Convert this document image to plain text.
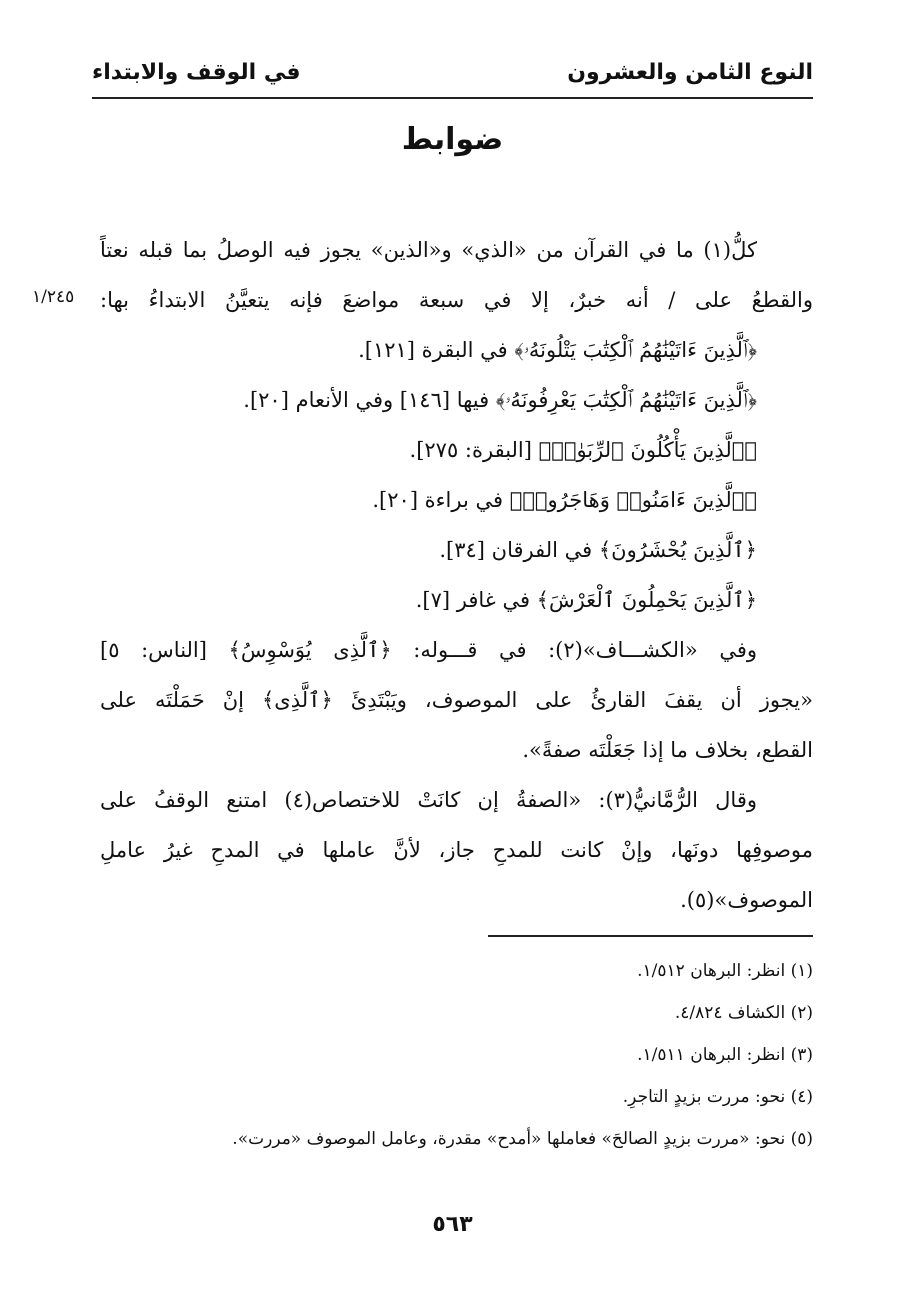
النوع الثامن والعشرون
في الوقف والابتداء
ضوابط
١/٢٤٥
كلُّ(١) ما في القرآن من «الذي» و«الذين» يجوز فيه الوصلُ بما قبله نعتاً
والقطعُ على / أنه خبرٌ، إلا في سبعة مواضعَ فإنه يتعيَّنُ الابتداءُ بها:
﴿ٱلَّذِينَ ءَاتَيْنَٰهُمُ ٱلْكِتَٰبَ يَتْلُونَهُۥ﴾ في البقرة [١٢١].
﴿ٱلَّذِينَ ءَاتَيْنَٰهُمُ ٱلْكِتَٰبَ يَعْرِفُونَهُۥ﴾ فيها [١٤٦] وفي الأنعام [٢٠].
﴿ٱلَّذِينَ يَأْكُلُونَ ٱلرِّبَوٰا۟﴾ [البقرة: ٢٧٥].
﴿ٱلَّذِينَ ءَامَنُوا۟ وَهَاجَرُوا۟﴾ في براءة [٢٠].
﴿ٱلَّذِينَ يُحْشَرُونَ﴾ في الفرقان [٣٤].
﴿ٱلَّذِينَ يَحْمِلُونَ ٱلْعَرْشَ﴾ في غافر [٧].
وفي «الكشـــاف»(٢): في قـــوله: ﴿ٱلَّذِى يُوَسْوِسُ﴾ [الناس: ٥]
«يجوز أن يقفَ القارئُ على الموصوف، ويَبْتَدِئَ ﴿ٱلَّذِى﴾ إنْ حَمَلْتَه على
القطع، بخلاف ما إذا جَعَلْتَه صفةً».
وقال الرُّمَّانيُّ(٣): «الصفةُ إن كانَتْ للاختصاص(٤) امتنع الوقفُ على
موصوفِها دونَها، وإنْ كانت للمدحِ جاز، لأنَّ عاملها في المدحِ غيرُ عاملِ
الموصوف»(٥).
(١) انظر: البرهان ١/٥١٢.
(٢) الكشاف ٤/٨٢٤.
(٣) انظر: البرهان ١/٥١١.
(٤) نحو: مررت بزيدٍ التاجرِ.
(٥) نحو: «مررت بزيدٍ الصالحَ» فعاملها «أمدح» مقدرة، وعامل الموصوف «مررت».
٥٦٣
